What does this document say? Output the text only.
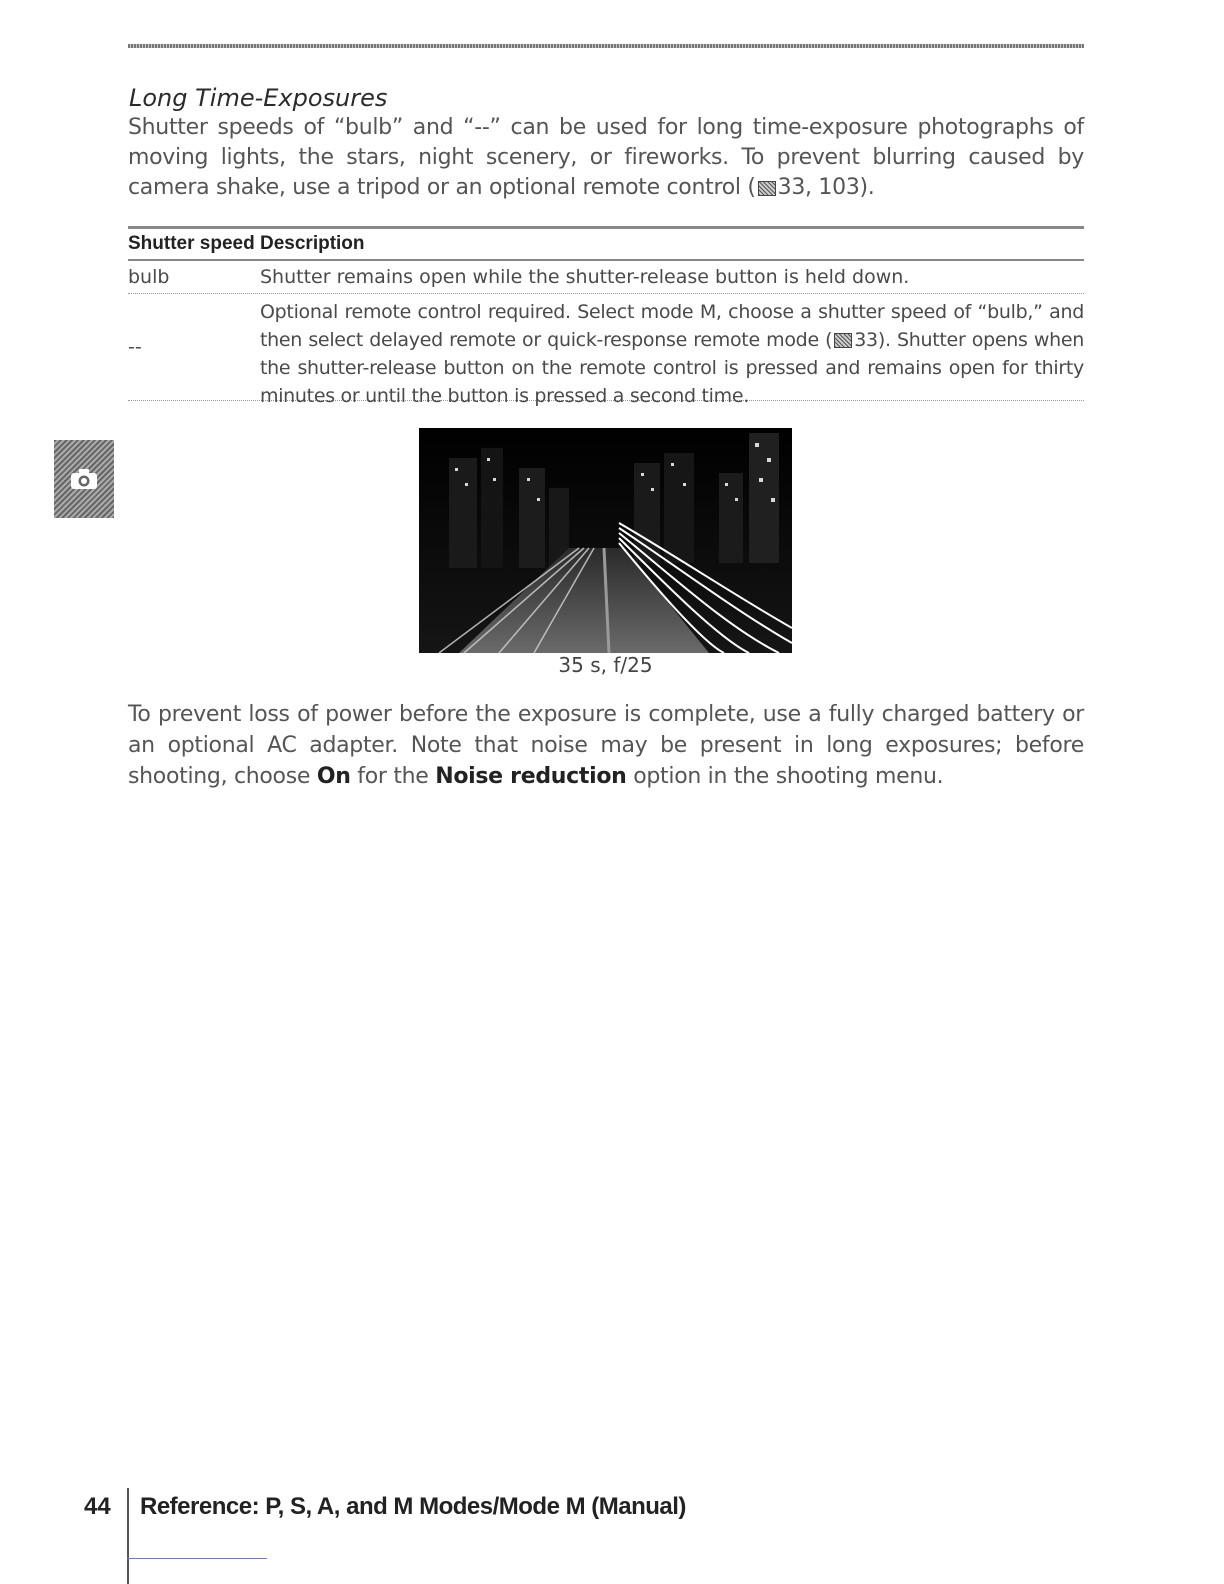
Long Time-Exposures

Shutter speeds of “bulb” and “--” can be used for long time-exposure photographs of moving lights, the stars, night scenery, or fireworks. To prevent blurring caused by camera shake, use a tripod or an optional remote control ( 33, 103).

Shutter speed Description
bulb	Shutter remains open while the shutter-release button is held down.
--
Optional remote control required. Select mode M, choose a shutter speed of “bulb,” and then select delayed remote or quick-response remote mode ( 33). Shutter opens when the shutter-release button on the remote control is pressed and remains open for thirty minutes or until the button is pressed a second time.
35 s, f/25

To prevent loss of power before the exposure is complete, use a fully charged battery or an optional AC adapter. Note that noise may be present in long exposures; before shooting, choose On for the Noise reduction option in the shooting menu.

44 Reference: P, S, A, and M Modes/Mode M (Manual)
